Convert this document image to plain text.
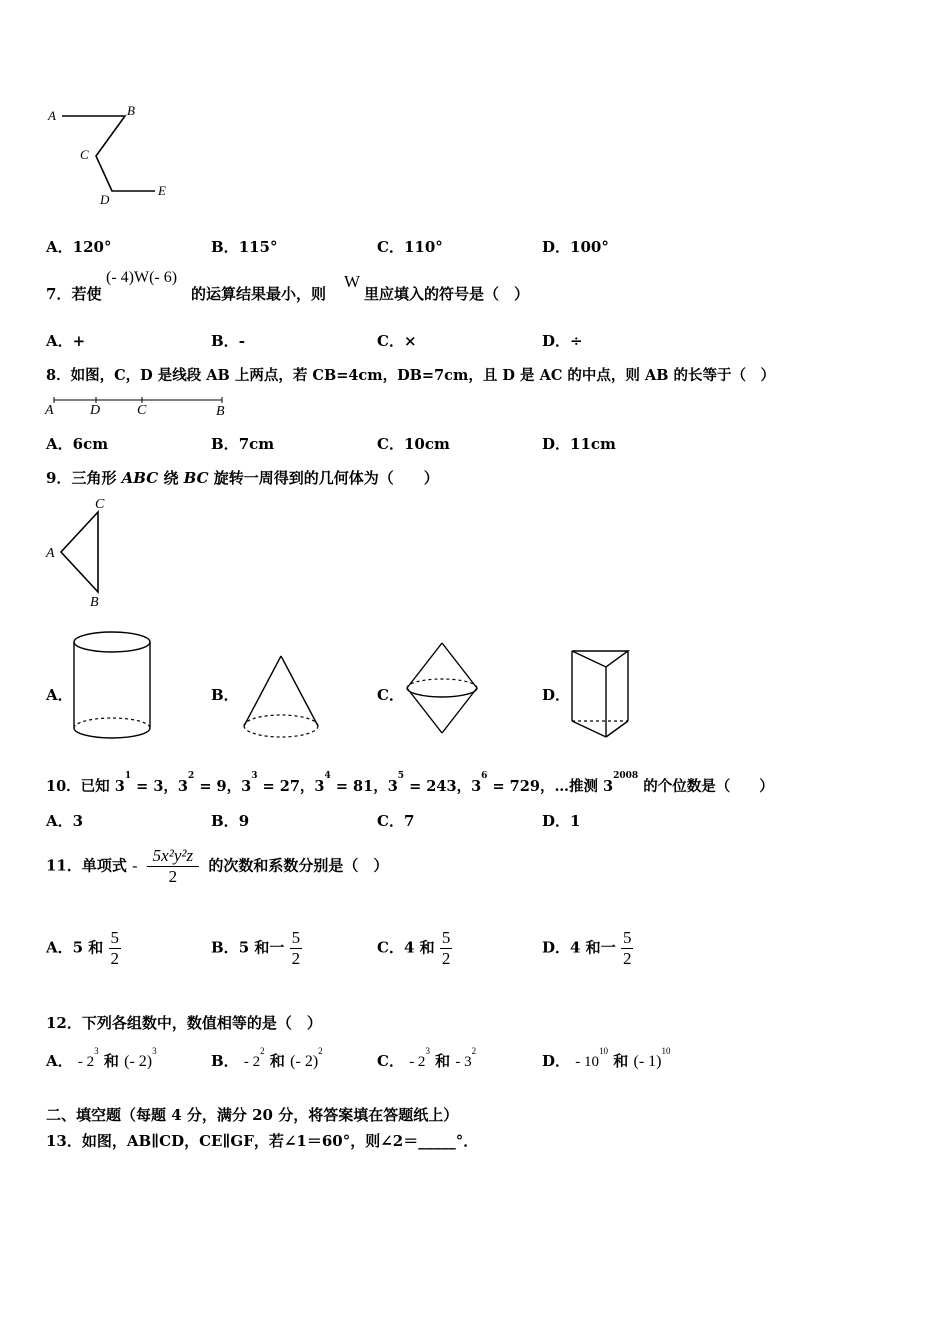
A	B
C
D
E
A．120°	B．115°	C．110°	D．100°
7．若使
(- 4)W(- 6)
的运算结果最小，则
W
里应填入的符号是（　）
A．+	B．-	C．×	D．÷
8．如图，C，D 是线段 AB 上两点，若 CB=4cm，DB=7cm，且 D 是 AC 的中点，则 AB 的长等于（　）
A	D	C	B
A．6cm	B．7cm	C．10cm	D．11cm
9．三角形 ABC 绕 BC 旋转一周得到的几何体为（　　）
C
A
B
A．	B．	C．	D．
10．已知 $3^1 = 3$，$3^2 = 9$，$3^3 = 27$，$3^4 = 81$，$3^5 = 243$，$3^6 = 729$，…推测 $3^{2008}$ 的个位数是（　　）
A．3	B．9	C．7	D．1
11．单项式 - $\frac{\text{5x²y²z}}{2}$ 的次数和系数分别是（　）
A．5 和 $\frac{5}{2}$	B．5 和一 $\frac{5}{2}$	C．4 和 $\frac{5}{2}$	D．4 和一 $\frac{5}{2}$
12．下列各组数中，数值相等的是（　）
A． - $2^3$ 和 (- 2)$^3$
B． - $2^2$ 和 (- 2)$^2$
C． - $2^3$ 和 - $3^2$
D． - $10^{10}$ 和 (- 1)$^{10}$
二、填空题（每题 4 分，满分 20 分，将答案填在答题纸上）
13．如图，AB∥CD，CE∥GF，若∠1＝60°，则∠2＝_____°．
